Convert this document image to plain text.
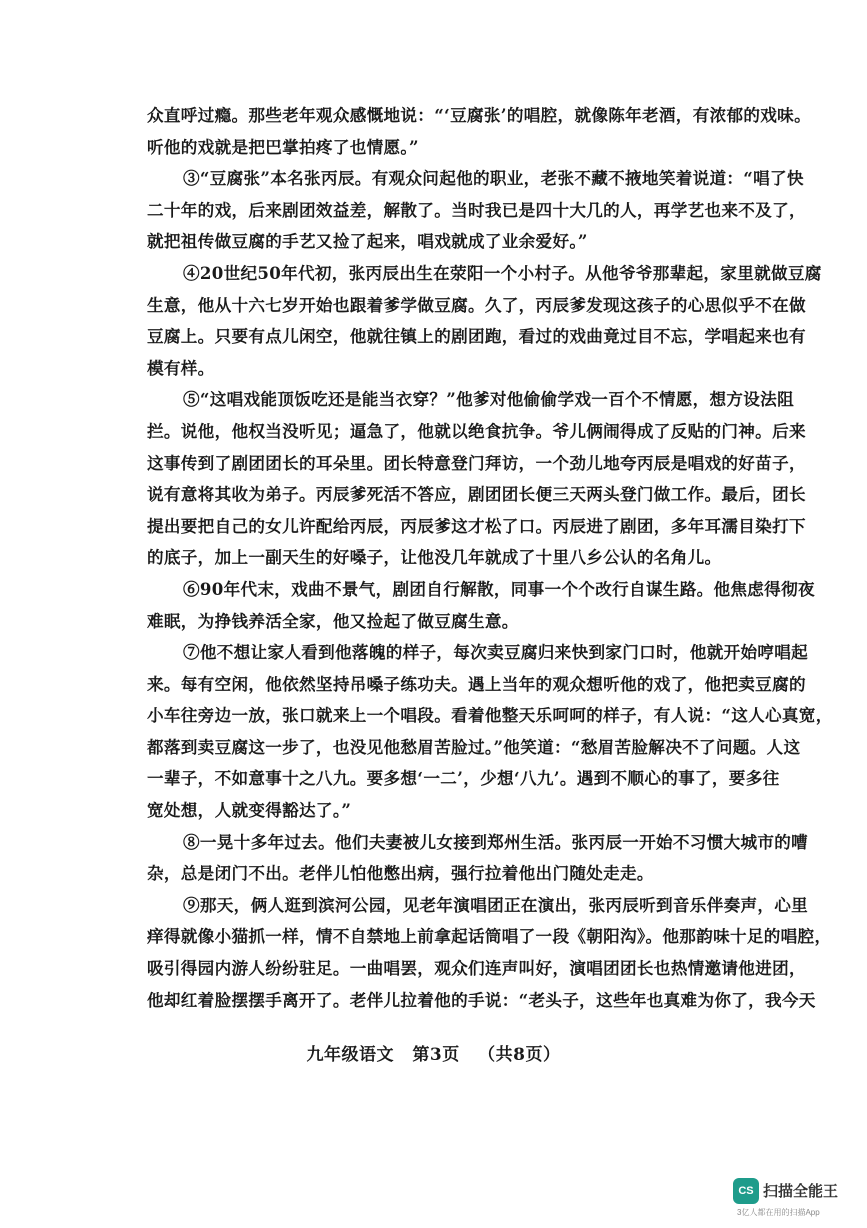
众直呼过瘾。那些老年观众感慨地说：“‘豆腐张’的唱腔，就像陈年老酒，有浓郁的戏味。
听他的戏就是把巴掌拍疼了也情愿。”
③“豆腐张”本名张丙辰。有观众问起他的职业，老张不藏不掖地笑着说道：“唱了快
二十年的戏，后来剧团效益差，解散了。当时我已是四十大几的人，再学艺也来不及了，
就把祖传做豆腐的手艺又捡了起来，唱戏就成了业余爱好。”
④20世纪50年代初，张丙辰出生在荥阳一个小村子。从他爷爷那辈起，家里就做豆腐
生意，他从十六七岁开始也跟着爹学做豆腐。久了，丙辰爹发现这孩子的心思似乎不在做
豆腐上。只要有点儿闲空，他就往镇上的剧团跑，看过的戏曲竟过目不忘，学唱起来也有
模有样。
⑤“这唱戏能顶饭吃还是能当衣穿？”他爹对他偷偷学戏一百个不情愿，想方设法阻
拦。说他，他权当没听见；逼急了，他就以绝食抗争。爷儿俩闹得成了反贴的门神。后来
这事传到了剧团团长的耳朵里。团长特意登门拜访，一个劲儿地夸丙辰是唱戏的好苗子，
说有意将其收为弟子。丙辰爹死活不答应，剧团团长便三天两头登门做工作。最后，团长
提出要把自己的女儿许配给丙辰，丙辰爹这才松了口。丙辰进了剧团，多年耳濡目染打下
的底子，加上一副天生的好嗓子，让他没几年就成了十里八乡公认的名角儿。
⑥90年代末，戏曲不景气，剧团自行解散，同事一个个改行自谋生路。他焦虑得彻夜
难眠，为挣钱养活全家，他又捡起了做豆腐生意。
⑦他不想让家人看到他落魄的样子，每次卖豆腐归来快到家门口时，他就开始哼唱起
来。每有空闲，他依然坚持吊嗓子练功夫。遇上当年的观众想听他的戏了，他把卖豆腐的
小车往旁边一放，张口就来上一个唱段。看着他整天乐呵呵的样子，有人说：“这人心真宽，
都落到卖豆腐这一步了，也没见他愁眉苦脸过。”他笑道：“愁眉苦脸解决不了问题。人这
一辈子，不如意事十之八九。要多想‘一二’，少想‘八九’。遇到不顺心的事了，要多往
宽处想，人就变得豁达了。”
⑧一晃十多年过去。他们夫妻被儿女接到郑州生活。张丙辰一开始不习惯大城市的嘈
杂，总是闭门不出。老伴儿怕他憋出病，强行拉着他出门随处走走。
⑨那天，俩人逛到滨河公园，见老年演唱团正在演出，张丙辰听到音乐伴奏声，心里
痒得就像小猫抓一样，情不自禁地上前拿起话筒唱了一段《朝阳沟》。他那韵味十足的唱腔，
吸引得园内游人纷纷驻足。一曲唱罢，观众们连声叫好，演唱团团长也热情邀请他进团，
他却红着脸摆摆手离开了。老伴儿拉着他的手说：“老头子，这些年也真难为你了，我今天
九年级语文 第3页 （共8页）
CS 扫描全能王
3亿人都在用的扫描App
